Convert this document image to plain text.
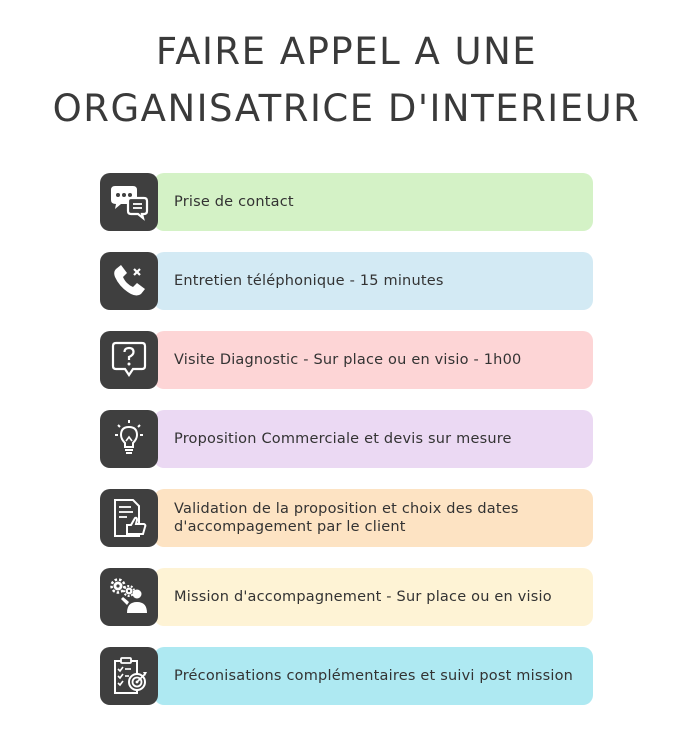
FAIRE APPEL A UNE
ORGANISATRICE D'INTERIEUR
Prise de contact
Entretien téléphonique - 15 minutes
Visite Diagnostic - Sur place ou en visio - 1h00
Proposition Commerciale et devis sur mesure
Validation de la proposition et choix des dates d'accompagement par le client
Mission d'accompagnement - Sur place ou en visio
Préconisations complémentaires et suivi post mission
